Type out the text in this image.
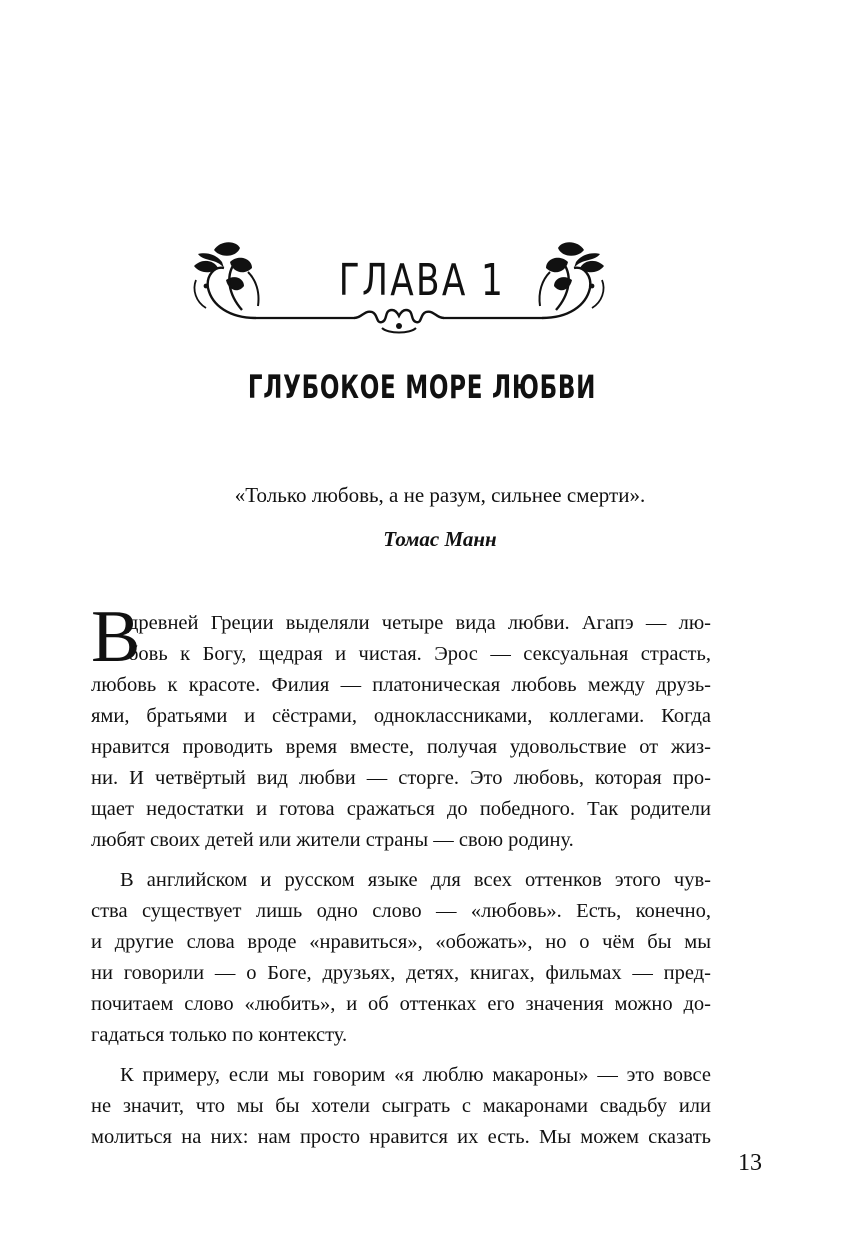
ГЛАВА 1
ГЛУБОКОЕ МОРЕ ЛЮБВИ

«Только любовь, а не разум, сильнее смерти».

Томас Манн

В
древней Греции выделяли четыре вида любви. Агапэ — лю-
бовь к Богу, щедрая и чистая. Эрос — сексуальная страсть,
любовь к красоте. Филия — платоническая любовь между друзь-
ями, братьями и сёстрами, одноклассниками, коллегами. Когда
нравится проводить время вместе, получая удовольствие от жиз-
ни. И четвёртый вид любви — сторге. Это любовь, которая про-
щает недостатки и готова сражаться до победного. Так родители
любят своих детей или жители страны — свою родину.
В английском и русском языке для всех оттенков этого чув-
ства существует лишь одно слово — «любовь». Есть, конечно,
и другие слова вроде «нравиться», «обожать», но о чём бы мы
ни говорили — о Боге, друзьях, детях, книгах, фильмах — пред-
почитаем слово «любить», и об оттенках его значения можно до-
гадаться только по контексту.
К примеру, если мы говорим «я люблю макароны» — это вовсе
не значит, что мы бы хотели сыграть с макаронами свадьбу или
молиться на них: нам просто нравится их есть. Мы можем сказать
13
